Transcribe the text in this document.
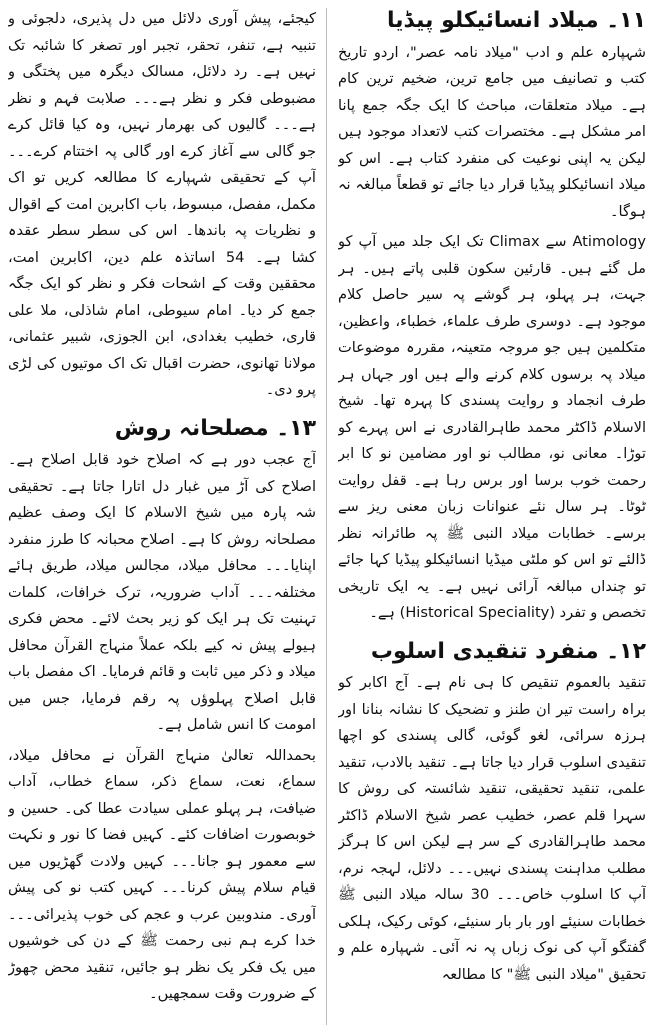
۱۱۔ میلاد انسائیکلو پیڈیا

شہپارہ علم و ادب "میلاد نامہ عصر"، اردو تاریخ کتب و تصانیف میں جامع ترین، ضخیم ترین کام ہے۔ میلاد متعلقات، مباحث کا ایک جگہ جمع پانا امر مشکل ہے۔ مختصرات کتب لاتعداد موجود ہیں لیکن یہ اپنی نوعیت کی منفرد کتاب ہے۔ اس کو میلاد انسائیکلو پیڈیا قرار دیا جائے تو قطعاً مبالغہ نہ ہوگا۔

Atimology سے Climax تک ایک جلد میں آپ کو مل گئے ہیں۔ قارئین سکون قلبی پاتے ہیں۔ ہر جہت، ہر پہلو، ہر گوشے پہ سیر حاصل کلام موجود ہے۔ دوسری طرف علماء، خطباء، واعظین، متکلمین ہیں جو مروجہ متعینہ، مقررہ موضوعات میلاد پہ برسوں کلام کرنے والے ہیں اور جہاں ہر طرف انجماد و روایت پسندی کا پہرہ تھا۔ شیخ الاسلام ڈاکٹر محمد طاہرالقادری نے اس پہرے کو توڑا۔ معانی نو، مطالب نو اور مضامین نو کا ابر رحمت خوب برسا اور برس رہا ہے۔ قفل روایت ٹوٹا۔ ہر سال نئے عنوانات زبان معنی ریز سے برسے۔ خطابات میلاد النبی ﷺ پہ طائرانہ نظر ڈالئے تو اس کو ملٹی میڈیا انسائیکلو پیڈیا کہا جائے تو چنداں مبالغہ آرائی نہیں ہے۔ یہ ایک تاریخی تخصص و تفرد (Historical Speciality) ہے۔

۱۲۔ منفرد تنقیدی اسلوب

تنقید بالعموم تنقیص کا ہی نام ہے۔ آج اکابر کو براہ راست تیر ان طنز و تضحیک کا نشانہ بنانا اور ہرزہ سرائی، لغو گوئی، گالی پسندی کو اچھا تنقیدی اسلوب قرار دیا جاتا ہے۔ تنقید بالادب، تنقید علمی، تنقید تحقیقی، تنقید شائستہ کی روش کا سہرا قلم عصر، خطیب عصر شیخ الاسلام ڈاکٹر محمد طاہرالقادری کے سر ہے لیکن اس کا ہرگز مطلب مداہنت پسندی نہیں۔۔۔ دلائل، لہجہ نرم، آپ کا اسلوب خاص۔۔۔ 30 سالہ میلاد النبی ﷺ خطابات سنیئے اور بار بار سنیئے، کوئی رکیک، ہلکی گفتگو آپ کی نوک زباں پہ نہ آئی۔ شہپارہ علم و تحقیق "میلاد النبی ﷺ" کا مطالعہ

کیجئے، پیش آوری دلائل میں دل پذیری، دلجوئی و تنبیہ ہے، تنفر، تحقر، تجبر اور تصغر کا شائبہ تک نہیں ہے۔ رد دلائل، مسالک دیگرہ میں پختگی و مضبوطی فکر و نظر ہے۔۔۔ صلابت فہم و نظر ہے۔۔۔ گالیوں کی بھرمار نہیں، وہ کیا قائل کرے جو گالی سے آغاز کرے اور گالی پہ اختتام کرے۔۔۔ آپ کے تحقیقی شہپارے کا مطالعہ کریں تو اک مکمل، مفصل، مبسوط، باب اکابرین امت کے اقوال و نظریات پہ باندھا۔ اس کی سطر سطر عقدہ کشا ہے۔ 54 اساتذہ علم دین، اکابرین امت، محققین وقت کے اشحات فکر و نظر کو ایک جگہ جمع کر دیا۔ امام سیوطی، امام شاذلی، ملا علی قاری، خطیب بغدادی، ابن الجوزی، شبیر عثمانی، مولانا تھانوی، حضرت اقبال تک اک موتیوں کی لڑی پرو دی۔

۱۳۔ مصلحانہ روش

آج عجب دور ہے کہ اصلاح خود قابل اصلاح ہے۔ اصلاح کی آڑ میں غبار دل اتارا جاتا ہے۔ تحقیقی شہ پارہ میں شیخ الاسلام کا ایک وصف عظیم مصلحانہ روش کا ہے۔ اصلاح محبانہ کا طرز منفرد اپنایا۔۔۔ محافل میلاد، مجالس میلاد، طریق ہائے مختلفہ۔۔۔ آداب ضروریہ، ترک خرافات، کلمات تہنیت تک ہر ایک کو زیر بحث لائے۔ محض فکری ہیولے پیش نہ کیے بلکہ عملاً منہاج القرآن محافل میلاد و ذکر میں ثابت و قائم فرمایا۔ اک مفصل باب قابل اصلاح پہلوؤں پہ رقم فرمایا، جس میں امومت کا انس شامل ہے۔

بحمداللہ تعالیٰ منہاج القرآن نے محافل میلاد، سماع، نعت، سماع ذکر، سماع خطاب، آداب ضیافت، ہر پہلو عملی سیادت عطا کی۔ حسین و خوبصورت اضافات کئے۔ کہیں فضا کا نور و نکہت سے معمور ہو جانا۔۔۔ کہیں ولادت گھڑیوں میں قیام سلام پیش کرنا۔۔۔ کہیں کتب نو کی پیش آوری۔ مندوبین عرب و عجم کی خوب پذیرائی۔۔۔ خدا کرے ہم نبی رحمت ﷺ کے دن کی خوشیوں میں یک فکر یک نظر ہو جائیں، تنقید محض چھوڑ کے ضرورت وقت سمجھیں۔
